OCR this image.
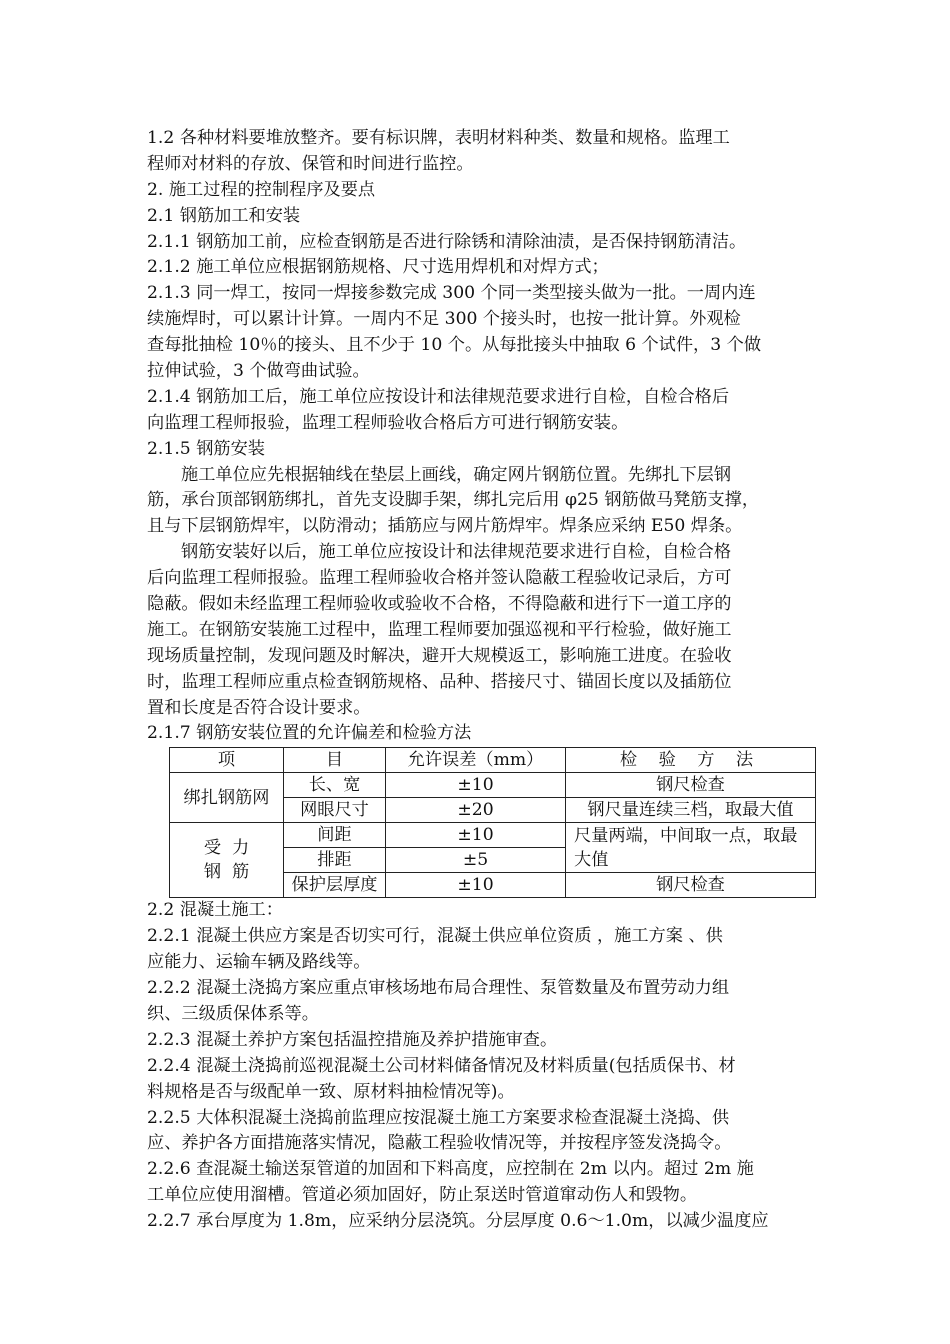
1.2 各种材料要堆放整齐。要有标识牌，表明材料种类、数量和规格。监理工
程师对材料的存放、保管和时间进行监控。
2. 施工过程的控制程序及要点
2.1 钢筋加工和安装
2.1.1 钢筋加工前，应检查钢筋是否进行除锈和清除油渍，是否保持钢筋清洁。
2.1.2 施工单位应根据钢筋规格、尺寸选用焊机和对焊方式；
2.1.3 同一焊工，按同一焊接参数完成 300 个同一类型接头做为一批。一周内连
续施焊时，可以累计计算。一周内不足 300 个接头时，也按一批计算。外观检
查每批抽检 10％的接头、且不少于 10 个。从每批接头中抽取 6 个试件，3 个做
拉伸试验，3 个做弯曲试验。
2.1.4 钢筋加工后，施工单位应按设计和法律规范要求进行自检，自检合格后
向监理工程师报验，监理工程师验收合格后方可进行钢筋安装。
2.1.5 钢筋安装
施工单位应先根据轴线在垫层上画线，确定网片钢筋位置。先绑扎下层钢
筋，承台顶部钢筋绑扎，首先支设脚手架，绑扎完后用 φ25 钢筋做马凳筋支撑，
且与下层钢筋焊牢，以防滑动；插筋应与网片筋焊牢。焊条应采纳 E50 焊条。
钢筋安装好以后，施工单位应按设计和法律规范要求进行自检，自检合格
后向监理工程师报验。监理工程师验收合格并签认隐蔽工程验收记录后，方可
隐蔽。假如未经监理工程师验收或验收不合格，不得隐蔽和进行下一道工序的
施工。在钢筋安装施工过程中，监理工程师要加强巡视和平行检验，做好施工
现场质量控制，发现问题及时解决，避开大规模返工，影响施工进度。在验收
时，监理工程师应重点检查钢筋规格、品种、搭接尺寸、锚固长度以及插筋位
置和长度是否符合设计要求。
2.1.7 钢筋安装位置的允许偏差和检验方法
项	目	允许误差（mm）	检 验 方 法
绑扎钢筋网	长、宽	±10	钢尺检查
	网眼尺寸	±20	钢尺量连续三档，取最大值

受  力
钢  筋	间距	±10	尺量两端，中间取一点，取最大值
	排距	±5	
	保护层厚度	±10	钢尺检查
2.2 混凝土施工：
2.2.1 混凝土供应方案是否切实可行，混凝土供应单位资质 ，施工方案 、供
应能力、运输车辆及路线等。
2.2.2 混凝土浇捣方案应重点审核场地布局合理性、泵管数量及布置劳动力组
织、三级质保体系等。
2.2.3 混凝土养护方案包括温控措施及养护措施审查。
2.2.4 混凝土浇捣前巡视混凝土公司材料储备情况及材料质量(包括质保书、材
料规格是否与级配单一致、原材料抽检情况等)。
2.2.5 大体积混凝土浇捣前监理应按混凝土施工方案要求检查混凝土浇捣、供
应、养护各方面措施落实情况，隐蔽工程验收情况等，并按程序签发浇捣令。
2.2.6 查混凝土输送泵管道的加固和下料高度，应控制在 2m 以内。超过 2m 施
工单位应使用溜槽。管道必须加固好，防止泵送时管道窜动伤人和毁物。
2.2.7 承台厚度为 1.8m，应采纳分层浇筑。分层厚度 0.6～1.0m，以减少温度应
